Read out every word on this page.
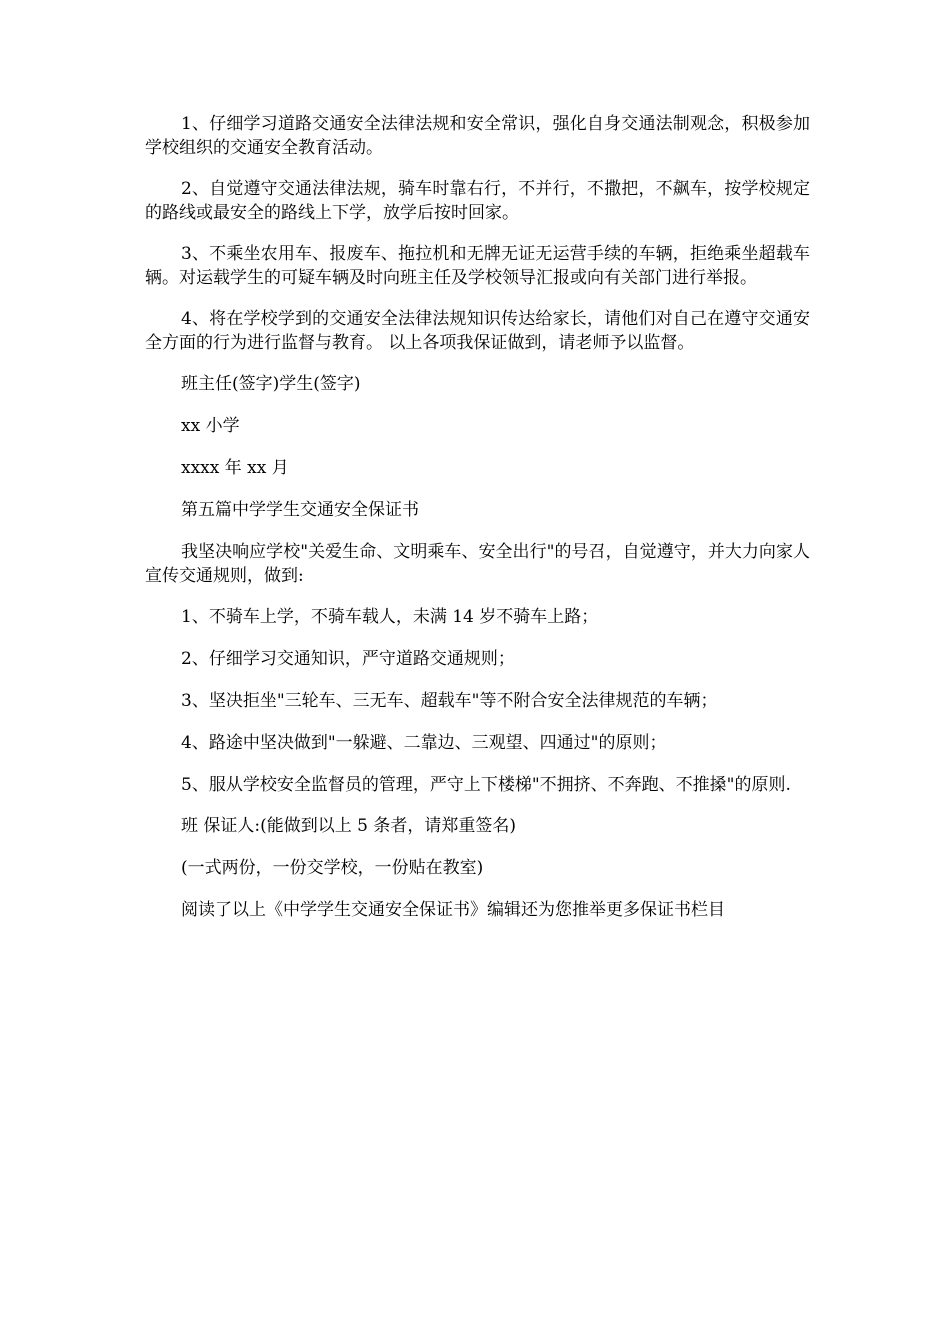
1、仔细学习道路交通安全法律法规和安全常识，强化自身交通法制观念，积极参加学校组织的交通安全教育活动。

2、自觉遵守交通法律法规，骑车时靠右行，不并行，不撒把，不飙车，按学校规定的路线或最安全的路线上下学，放学后按时回家。

3、不乘坐农用车、报废车、拖拉机和无牌无证无运营手续的车辆，拒绝乘坐超载车辆。对运载学生的可疑车辆及时向班主任及学校领导汇报或向有关部门进行举报。

4、将在学校学到的交通安全法律法规知识传达给家长，请他们对自己在遵守交通安全方面的行为进行监督与教育。 以上各项我保证做到，请老师予以监督。

班主任(签字)学生(签字)

xx 小学

xxxx 年 xx 月

第五篇中学学生交通安全保证书

我坚决响应学校"关爱生命、文明乘车、安全出行"的号召，自觉遵守，并大力向家人宣传交通规则，做到:

1、不骑车上学，不骑车载人，未满 14 岁不骑车上路；

2、仔细学习交通知识，严守道路交通规则；

3、坚决拒坐"三轮车、三无车、超载车"等不附合安全法律规范的车辆；

4、路途中坚决做到"一躲避、二靠边、三观望、四通过"的原则；

5、服从学校安全监督员的管理，严守上下楼梯"不拥挤、不奔跑、不推搡"的原则.

班 保证人:(能做到以上 5 条者，请郑重签名)

(一式两份，一份交学校，一份贴在教室)

阅读了以上《中学学生交通安全保证书》编辑还为您推举更多保证书栏目
